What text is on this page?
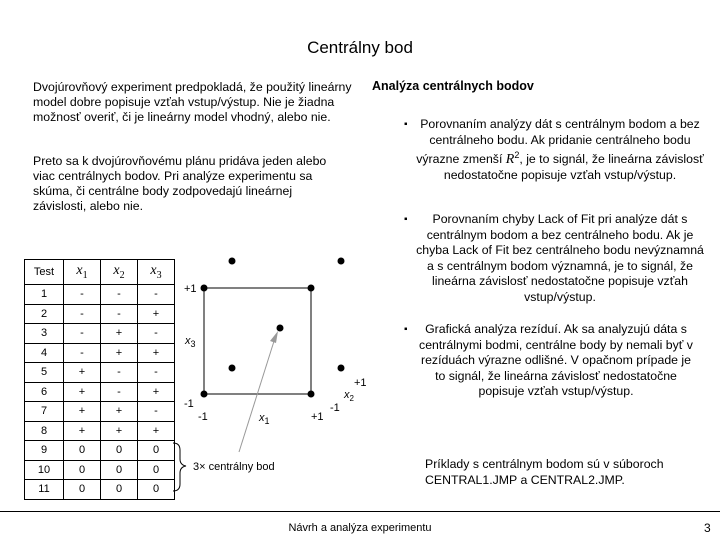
Centrálny bod
Dvojúrovňový experiment predpokladá, že použitý lineárny model dobre popisuje vzťah vstup/výstup. Nie je žiadna možnosť overiť, či je lineárny model vhodný, alebo nie.
Preto sa k dvojúrovňovému plánu pridáva jeden alebo viac centrálnych bodov. Pri analýze experimentu sa skúma, či centrálne body zodpovedajú lineárnej závislosti, alebo nie.
Test	$x_1$	$x_2$	$x_3$
1	-	-	-
2	-	-	+
3	-	+	-
4	-	+	+
5	+	-	-
6	+	-	+
7	+	+	-
8	+	+	+
9	0	0	0
10	0	0	0
11	0	0	0
+1
$x_3$
-1
-1	$x_1$	+1
-1
+1
$x_2$
3× centrálny bod
Analýza centrálnych bodov
▪	Porovnaním analýzy dát s centrálnym bodom a bez centrálneho bodu. Ak pridanie centrálneho bodu výrazne zmenší $R^2$, je to signál, že lineárna závislosť nedostatočne popisuje vzťah vstup/výstup.
▪	Porovnaním chyby Lack of Fit pri analýze dát s centrálnym bodom a bez centrálneho bodu. Ak je chyba Lack of Fit bez centrálneho bodu nevýznamná a s centrálnym bodom významná, je to signál, že lineárna závislosť nedostatočne popisuje vzťah vstup/výstup.
▪	Grafická analýza rezíduí. Ak sa analyzujú dáta s centrálnymi bodmi, centrálne body by nemali byť v rezíduách výrazne odlišné. V opačnom prípade je to signál, že lineárna závislosť nedostatočne popisuje vzťah vstup/výstup.
Príklady s centrálnym bodom sú v súboroch CENTRAL1.JMP a CENTRAL2.JMP.
Návrh a analýza experimentu	3
